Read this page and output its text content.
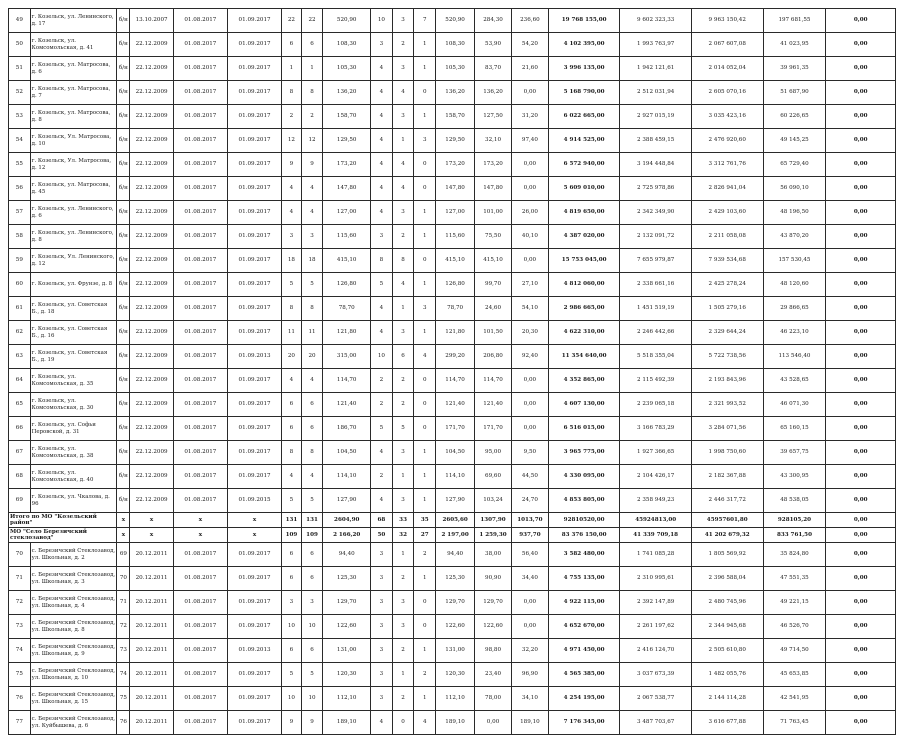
49	г. Козельск, ул. Ленинского, д. 17	б/н	13.10.2007	01.08.2017	01.09.2017	22	22	520,90	10	3	7	520,90	284,30	236,60	19 768 155,00	9 602 323,33	9 963 150,42	197 681,55	0,00
50	г. Козельск, ул. Комсомольская, д. 41	б/н	22.12.2009	01.08.2017	01.09.2017	6	6	108,30	3	2	1	108,30	53,90	54,20	4 102 395,00	1 993 763,97	2 067 607,08	41 023,95	0,00
51	г. Козельск, ул. Матросова, д. 6	б/н	22.12.2009	01.08.2017	01.09.2017	1	1	105,30	4	3	1	105,30	83,70	21,60	3 996 135,00	1 942 121,61	2 014 052,04	39 961,35	0,00
52	г. Козельск, ул. Матросова, д. 7	б/н	22.12.2009	01.08.2017	01.09.2017	8	8	136,20	4	4	0	136,20	136,20	0,00	5 168 790,00	2 512 031,94	2 605 070,16	51 687,90	0,00
53	г. Козельск, ул. Матросова, д. 8	б/н	22.12.2009	01.08.2017	01.09.2017	2	2	158,70	4	3	1	158,70	127,50	31,20	6 022 665,00	2 927 015,19	3 035 423,16	60 226,65	0,00
54	г. Козельск, Ул. Матросова, д. 10	б/н	22.12.2009	01.08.2017	01.09.2017	12	12	129,50	4	1	3	129,50	32,10	97,40	4 914 525,00	2 388 459,15	2 476 920,60	49 145,25	0,00
55	г. Козельск, Ул. Матросова, д. 12	б/н	22.12.2009	01.08.2017	01.09.2017	9	9	173,20	4	4	0	173,20	173,20	0,00	6 572 940,00	3 194 448,84	3 312 761,76	65 729,40	0,00
56	г. Козельск, ул. Матросова, д. 45	б/н	22.12.2009	01.08.2017	01.09.2017	4	4	147,80	4	4	0	147,80	147,80	0,00	5 609 010,00	2 725 978,86	2 826 941,04	56 090,10	0,00
57	г. Козельск, ул. Ленинского, д. 6	б/н	22.12.2009	01.08.2017	01.09.2017	4	4	127,00	4	3	1	127,00	101,00	26,00	4 819 650,00	2 342 349,90	2 429 103,60	48 196,50	0,00
58	г. Козельск, ул. Ленинского, д. 8	б/н	22.12.2009	01.08.2017	01.09.2017	3	3	115,60	3	2	1	115,60	75,50	40,10	4 387 020,00	2 132 091,72	2 211 058,08	43 870,20	0,00
59	г. Козельск, Ул. Ленинского, д. 12	б/н	22.12.2009	01.08.2017	01.09.2017	18	18	415,10	8	8	0	415,10	415,10	0,00	15 753 045,00	7 655 979,87	7 939 534,68	157 530,45	0,00
60	г. Козельск, ул. Фрунзе, д. 8	б/н	22.12.2009	01.08.2017	01.09.2017	5	5	126,80	5	4	1	126,80	99,70	27,10	4 812 060,00	2 338 661,16	2 425 278,24	48 120,60	0,00
61	г. Козельск, ул. Советская Б., д. 18	б/н	22.12.2009	01.08.2017	01.09.2017	8	8	78,70	4	1	3	78,70	24,60	54,10	2 986 665,00	1 451 519,19	1 505 279,16	29 866,65	0,00
62	г. Козельск, ул. Советская Б., д. 16	б/н	22.12.2009	01.08.2017	01.09.2017	11	11	121,80	4	3	1	121,80	101,50	20,30	4 622 310,00	2 246 442,66	2 329 644,24	46 223,10	0,00
63	г. Козельск, ул. Советская Б., д. 19	б/н	22.12.2009	01.08.2017	01.09.2013	20	20	315,00	10	6	4	299,20	206,80	92,40	11 354 640,00	5 518 355,04	5 722 738,56	113 546,40	0,00
64	г. Козельск, ул. Комсомольская, д. 35	б/н	22.12.2009	01.08.2017	01.09.2017	4	4	114,70	2	2	0	114,70	114,70	0,00	4 352 865,00	2 115 492,39	2 193 843,96	43 528,65	0,00
65	г. Козельск, ул. Комсомольская, д. 30	б/н	22.12.2009	01.08.2017	01.09.2017	6	6	121,40	2	2	0	121,40	121,40	0,00	4 607 130,00	2 239 065,18	2 321 993,52	46 071,30	0,00
66	г. Козельск, ул. Софьи Перовской, д. 31	б/н	22.12.2009	01.08.2017	01.09.2017	6	6	186,70	5	5	0	171,70	171,70	0,00	6 516 015,00	3 166 783,29	3 284 071,56	65 160,15	0,00
67	г. Козельск, ул. Комсомольская, д. 38	б/н	22.12.2009	01.08.2017	01.09.2017	8	8	104,50	4	3	1	104,50	95,00	9,50	3 965 775,00	1 927 366,65	1 998 750,60	39 657,75	0,00
68	г. Козельск, ул. Комсомольская, д. 40	б/н	22.12.2009	01.08.2017	01.09.2017	4	4	114,10	2	1	1	114,10	69,60	44,50	4 330 095,00	2 104 426,17	2 182 367,88	43 300,95	0,00
69	г. Козельск, ул. Чкалова, д. 96	б/н	22.12.2009	01.08.2017	01.09.2015	5	5	127,90	4	3	1	127,90	103,24	24,70	4 853 805,00	2 358 949,23	2 446 317,72	48 538,05	0,00
Итого по МО "Козельский район"		x	x	x	x	131	131	2604,90	68	33	35	2605,60	1307,90	1013,70	92810520,00	45924813,00	45957601,80	928105,20	0,00
МО "Село Березичский стеклозавод"		x	x	x	x	109	109	2 166,20	50	32	27	2 197,00	1 259,30	937,70	83 376 150,00	41 339 709,18	41 202 679,32	833 761,50	0,00
70	с. Березичский Стеклозавод, ул. Школьная, д. 2	69	20.12.2011	01.08.2017	01.09.2017	6	6	94,40	3	1	2	94,40	38,00	56,40	3 582 480,00	1 741 085,28	1 805 569,92	35 824,80	0,00
71	с. Березичский Стеклозавод, ул. Школьная, д. 3	70	20.12.2011	01.08.2017	01.09.2017	6	6	125,30	3	2	1	125,30	90,90	34,40	4 755 135,00	2 310 995,61	2 396 588,04	47 551,35	0,00
72	с. Березичский Стеклозавод, ул. Школьная, д. 4	71	20.12.2011	01.08.2017	01.09.2017	3	3	129,70	3	3	0	129,70	129,70	0,00	4 922 115,00	2 392 147,89	2 480 745,96	49 221,15	0,00
73	с. Березичский Стеклозавод, ул. Школьная, д. 8	72	20.12.2011	01.08.2017	01.09.2017	10	10	122,60	3	3	0	122,60	122,60	0,00	4 652 670,00	2 261 197,62	2 344 945,68	46 526,70	0,00
74	с. Березичский Стеклозавод, ул. Школьная, д. 9	73	20.12.2011	01.08.2017	01.09.2013	6	6	131,00	3	2	1	131,00	98,80	32,20	4 971 450,00	2 416 124,70	2 505 610,80	49 714,50	0,00
75	с. Березичский Стеклозавод, ул. Школьная, д. 10	74	20.12.2011	01.08.2017	01.09.2017	5	5	120,30	3	1	2	120,30	23,40	96,90	4 565 385,00	3 037 673,39	1 482 055,76	45 653,85	0,00
76	с. Березичский Стеклозавод, ул. Школьная, д. 15	75	20.12.2011	01.08.2017	01.09.2017	10	10	112,10	3	2	1	112,10	78,00	34,10	4 254 195,00	2 067 538,77	2 144 114,28	42 541,95	0,00
77	с. Березичский Стеклозавод, ул. Куйбышева, д. 6	76	20.12.2011	01.08.2017	01.09.2017	9	9	189,10	4	0	4	189,10	0,00	189,10	7 176 345,00	3 487 703,67	3 616 677,88	71 763,45	0,00
